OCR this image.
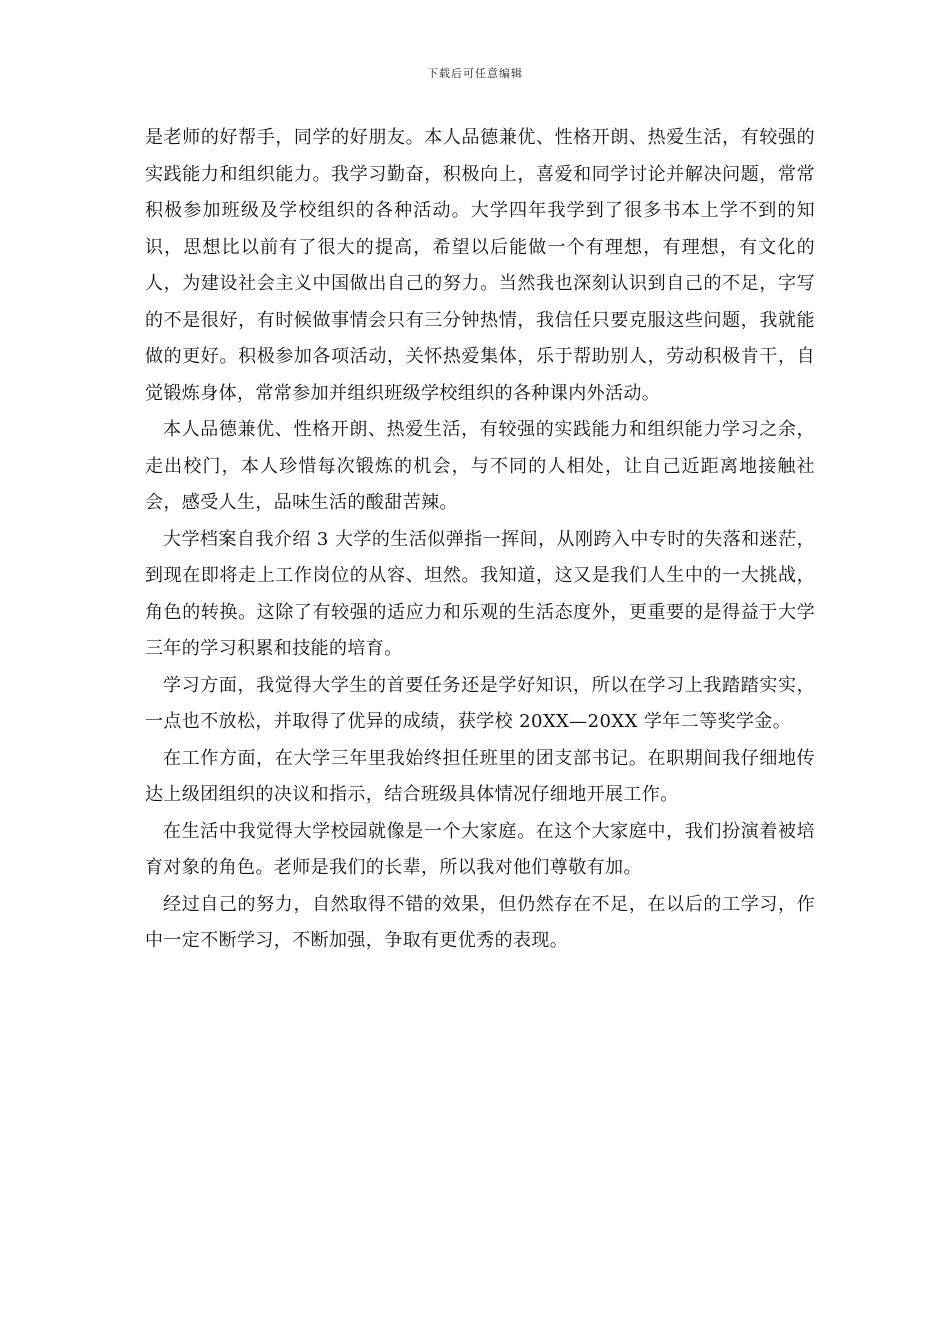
下载后可任意编辑

是老师的好帮手，同学的好朋友。本人品德兼优、性格开朗、热爱生活，有较强的实践能力和组织能力。我学习勤奋，积极向上，喜爱和同学讨论并解决问题，常常积极参加班级及学校组织的各种活动。大学四年我学到了很多书本上学不到的知识，思想比以前有了很大的提高，希望以后能做一个有理想，有理想，有文化的人，为建设社会主义中国做出自己的努力。当然我也深刻认识到自己的不足，字写的不是很好，有时候做事情会只有三分钟热情，我信任只要克服这些问题，我就能做的更好。积极参加各项活动，关怀热爱集体，乐于帮助别人，劳动积极肯干，自觉锻炼身体，常常参加并组织班级学校组织的各种课内外活动。

本人品德兼优、性格开朗、热爱生活，有较强的实践能力和组织能力学习之余，走出校门，本人珍惜每次锻炼的机会，与不同的人相处，让自己近距离地接触社会，感受人生，品味生活的酸甜苦辣。

大学档案自我介绍 3 大学的生活似弹指一挥间，从刚跨入中专时的失落和迷茫，到现在即将走上工作岗位的从容、坦然。我知道，这又是我们人生中的一大挑战，角色的转换。这除了有较强的适应力和乐观的生活态度外，更重要的是得益于大学三年的学习积累和技能的培育。

学习方面，我觉得大学生的首要任务还是学好知识，所以在学习上我踏踏实实，一点也不放松，并取得了优异的成绩，获学校 20XX—20XX 学年二等奖学金。

在工作方面，在大学三年里我始终担任班里的团支部书记。在职期间我仔细地传达上级团组织的决议和指示，结合班级具体情况仔细地开展工作。

在生活中我觉得大学校园就像是一个大家庭。在这个大家庭中，我们扮演着被培育对象的角色。老师是我们的长辈，所以我对他们尊敬有加。

经过自己的努力，自然取得不错的效果，但仍然存在不足，在以后的工学习，作中一定不断学习，不断加强，争取有更优秀的表现。
